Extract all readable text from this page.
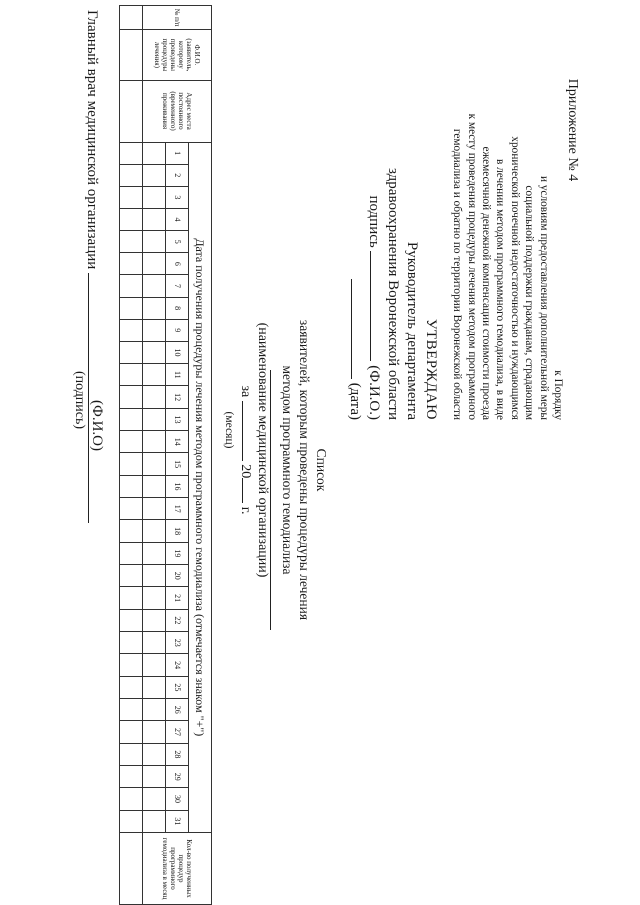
Приложение № 4
к Порядку
и условиям предоставления дополнительной меры
социальной поддержки гражданам, страдающим
хронической почечной недостаточностью и нуждающимся
в лечении методом программного гемодиализа, в виде
ежемесячной денежной компенсации стоимости проезда
к месту проведения процедуры лечения методом программного
гемодиализа и обратно по территории Воронежской области
УТВЕРЖДАЮ
Руководитель департамента
здравоохранения Воронежской области
подпись  (Ф.И.О.)
(дата)
Список
заявителей, которым проведены процедуры лечения
методом программного гемодиализа
(наименование медицинской организации)
за  20 г.
(месяц)
№ п/п	Ф.И.О. (заявитель, которому проведены процедуры лечения)	Адрес места постоянного (временного) проживания	Дата получения процедуры лечения методом программного гемодиализа (отмечается знаком "+")																															Кол-во полученных процедур программного гемодиализа в месяц
			1	2	3	4	5	6	7	8	9	10	11	12	13	14	15	16	17	18	19	20	21	22	23	24	25	26	27	28	29	30	31	

Главный врач медицинской организации
(Ф.И.О)
(подпись)
